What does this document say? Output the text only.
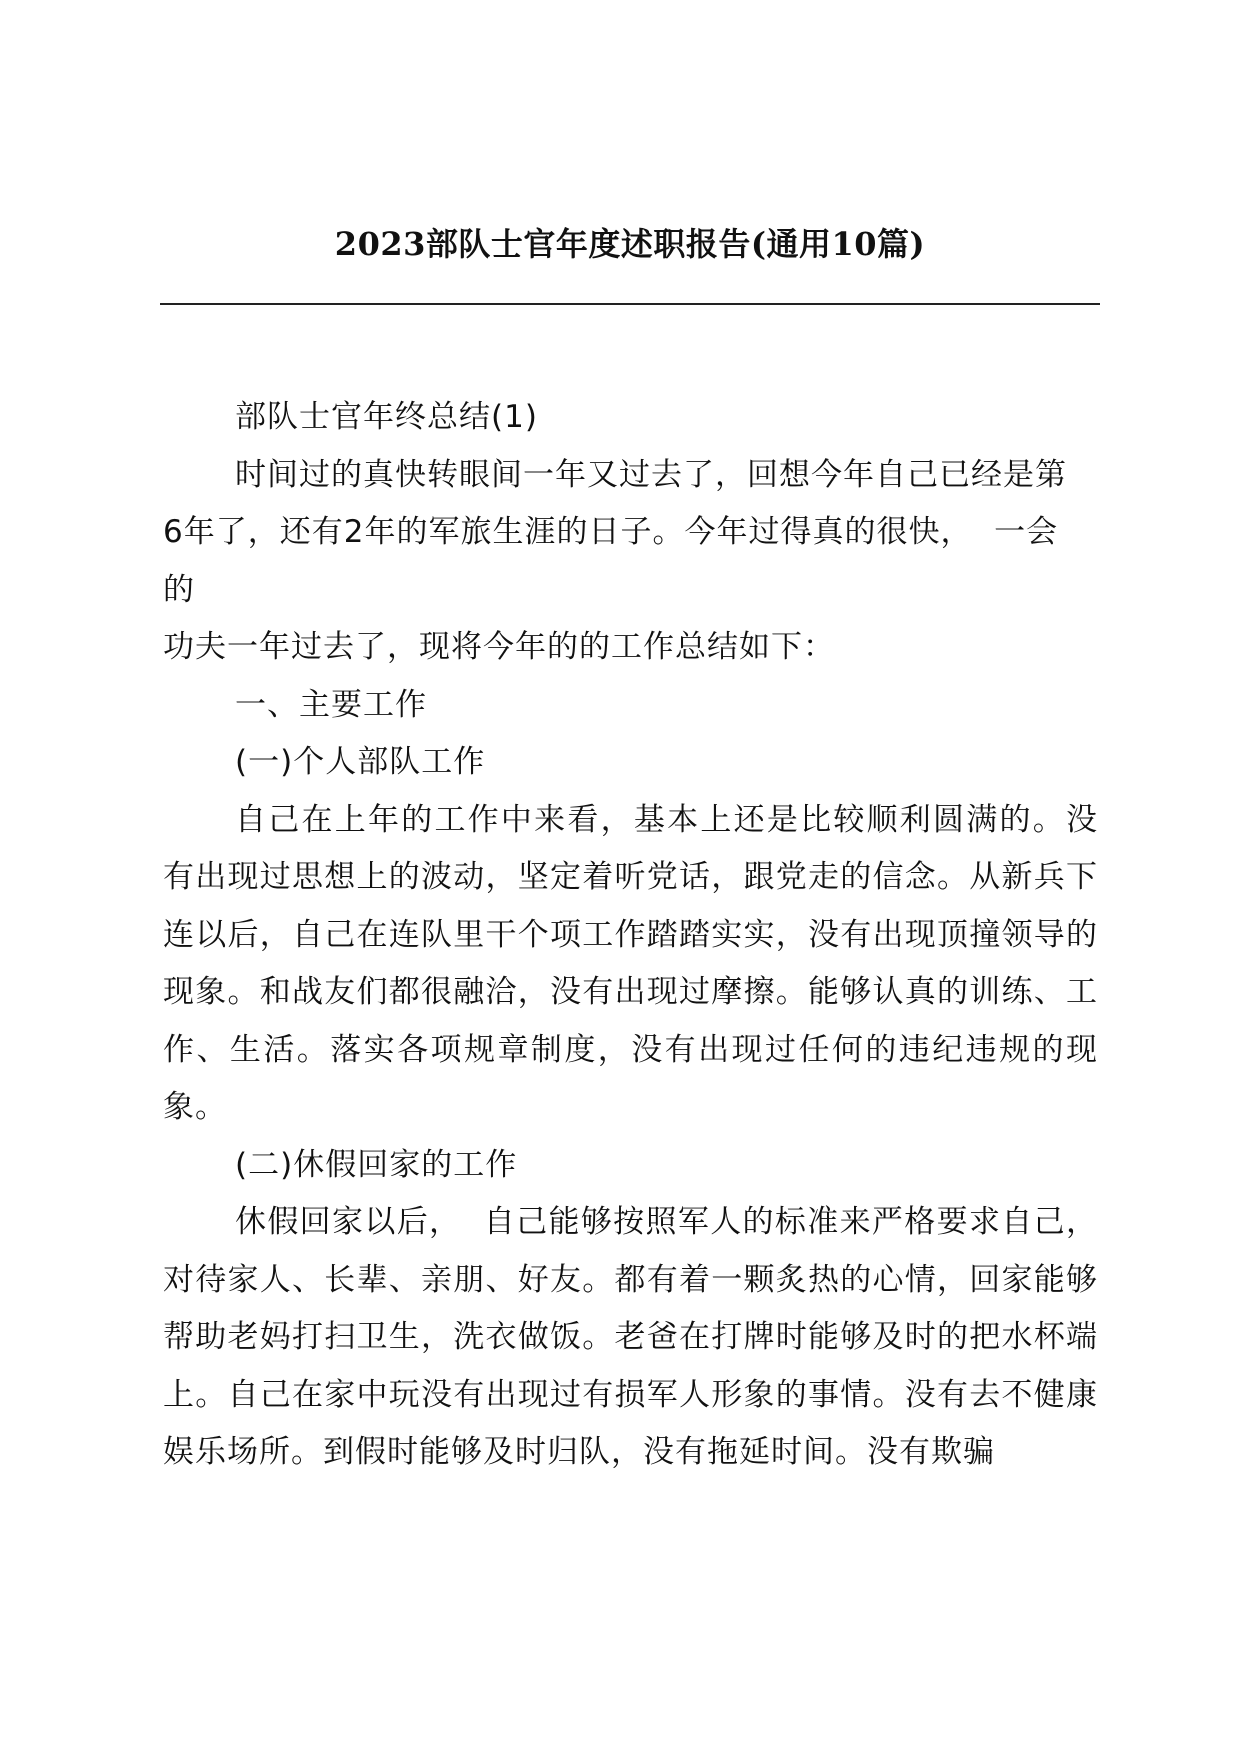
2023部队士官年度述职报告(通用10篇)

部队士官年终总结(1)

时间过的真快转眼间一年又过去了，回想今年自己已经是第

6年了，还有2年的军旅生涯的日子。今年过得真的很快，  一会

的

功夫一年过去了，现将今年的的工作总结如下：

一、主要工作

(一)个人部队工作

自己在上年的工作中来看，基本上还是比较顺利圆满的。没有出现过思想上的波动，坚定着听党话，跟党走的信念。从新兵下连以后，自己在连队里干个项工作踏踏实实，没有出现顶撞领导的现象。和战友们都很融洽，没有出现过摩擦。能够认真的训练、工作、生活。落实各项规章制度，没有出现过任何的违纪违规的现象。

(二)休假回家的工作

休假回家以后，  自己能够按照军人的标准来严格要求自己，对待家人、长辈、亲朋、好友。都有着一颗炙热的心情，回家能够帮助老妈打扫卫生，洗衣做饭。老爸在打牌时能够及时的把水杯端上。自己在家中玩没有出现过有损军人形象的事情。没有去不健康娱乐场所。到假时能够及时归队，没有拖延时间。没有欺骗
